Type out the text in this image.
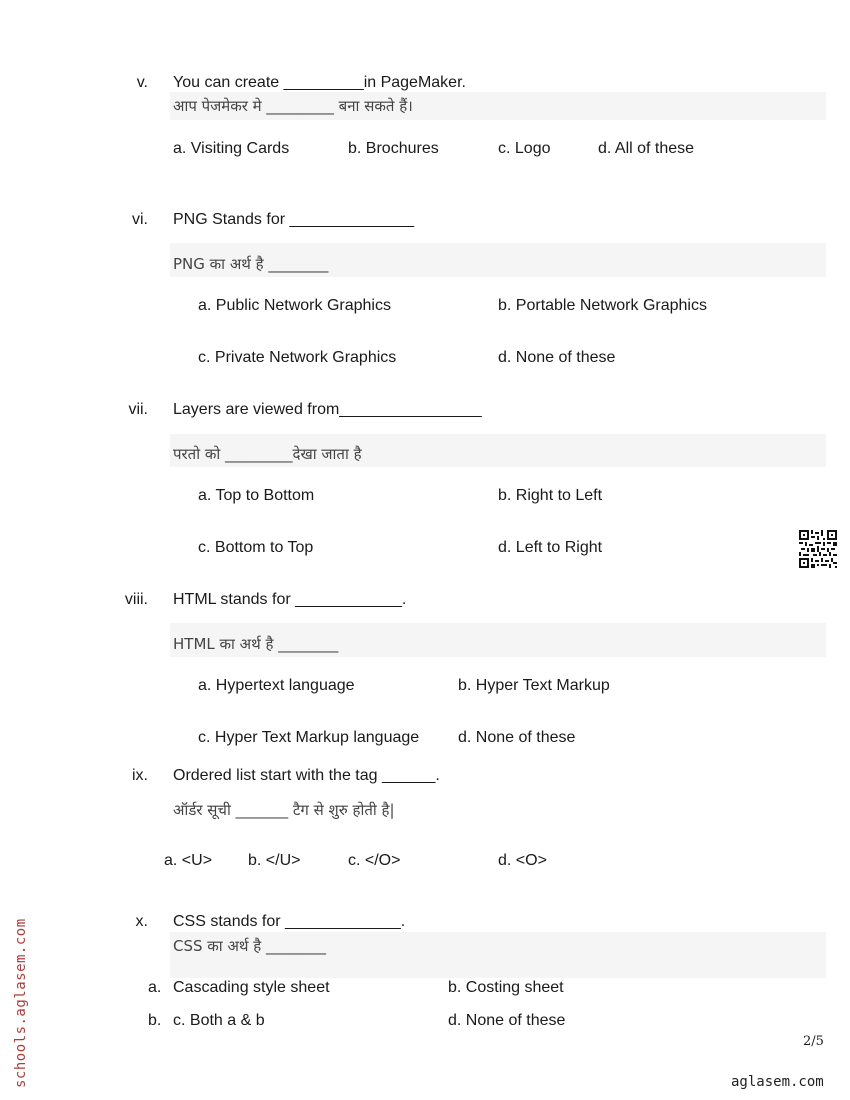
schools.aglasem.com
v. You can create _________in PageMaker.
आप पेजमेकर मे _________ बना सकते हैं।
a. Visiting Cards	b. Brochures	c. Logo	d. All of these
vi. PNG Stands for ______________
PNG का अर्थ है ________
a. Public Network Graphics	b. Portable Network Graphics
c. Private Network Graphics	d. None of these
vii. Layers are viewed from________________
परतो को _________देखा जाता है
a. Top to Bottom	b. Right to Left
c. Bottom to Top	d. Left to Right
viii. HTML stands for ____________.
HTML का अर्थ है ________
a. Hypertext language	b. Hyper Text Markup
c. Hyper Text Markup language d. None of these
ix. Ordered list start with the tag ______.
ऑर्डर सूची _______ टैग से शुरु होती है|
a. <U> b. </U>	c. </O>	d. <O>
x. CSS stands for _____________.
CSS का अर्थ है ________
a. Cascading style sheet	b. Costing sheet
b. c. Both a & b	d. None of these
2/5
aglasem.com
